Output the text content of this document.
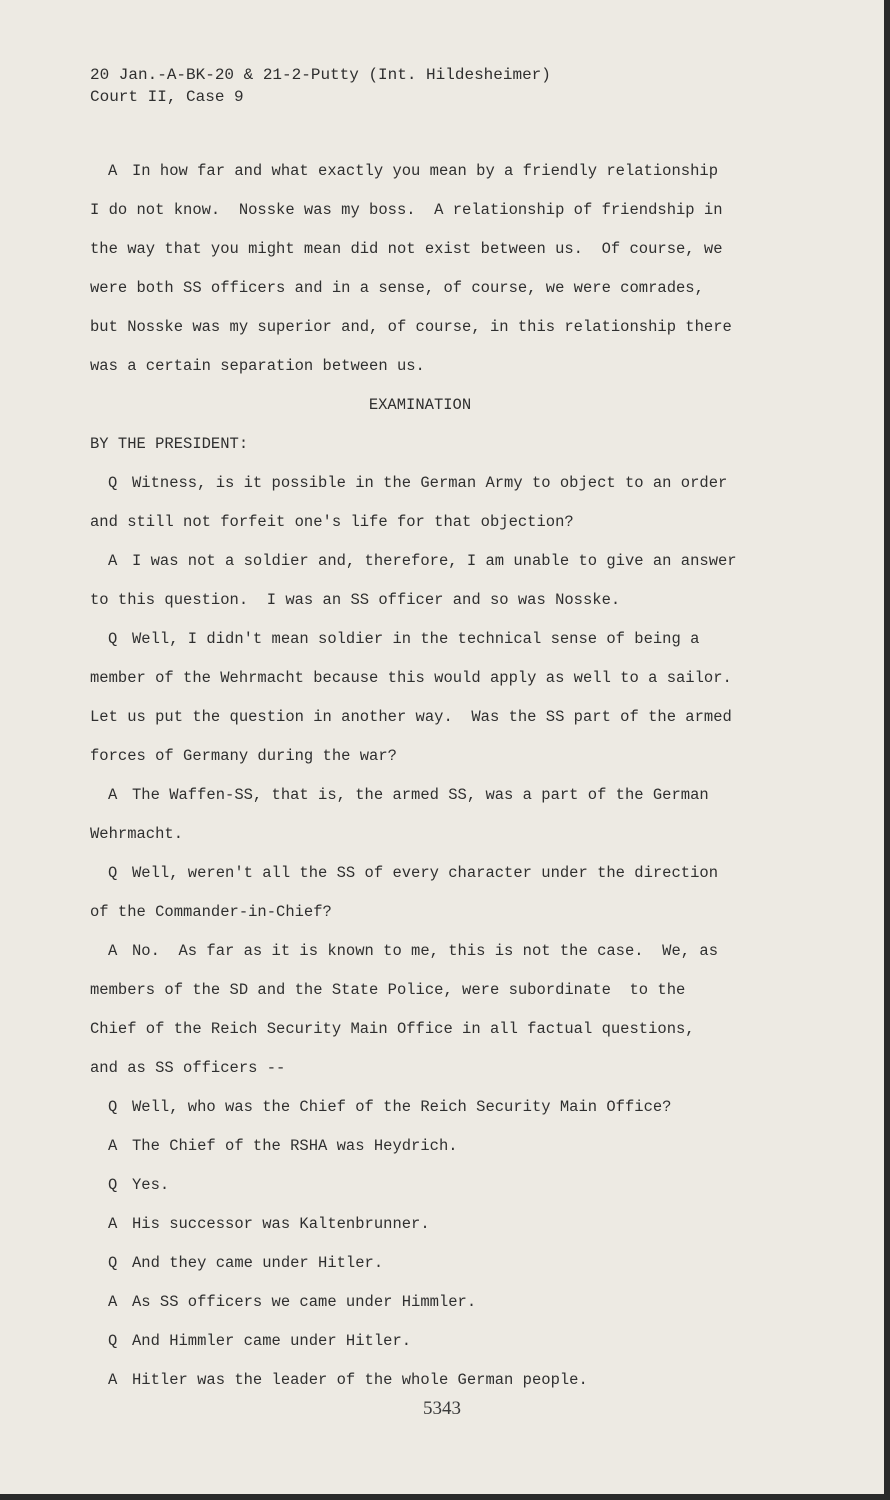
20 Jan.-A-BK-20 & 21-2-Putty (Int. Hildesheimer)
Court II, Case 9
A In how far and what exactly you mean by a friendly relationship
I do not know.  Nosske was my boss.  A relationship of friendship in
the way that you might mean did not exist between us.  Of course, we
were both SS officers and in a sense, of course, we were comrades,
but Nosske was my superior and, of course, in this relationship there
was a certain separation between us.
EXAMINATION
BY THE PRESIDENT:
Q Witness, is it possible in the German Army to object to an order
and still not forfeit one's life for that objection?
A I was not a soldier and, therefore, I am unable to give an answer
to this question.  I was an SS officer and so was Nosske.
Q Well, I didn't mean soldier in the technical sense of being a
member of the Wehrmacht because this would apply as well to a sailor.
Let us put the question in another way.  Was the SS part of the armed
forces of Germany during the war?
A The Waffen-SS, that is, the armed SS, was a part of the German
Wehrmacht.
Q Well, weren't all the SS of every character under the direction
of the Commander-in-Chief?
A No.  As far as it is known to me, this is not the case.  We, as
members of the SD and the State Police, were subordinate  to the
Chief of the Reich Security Main Office in all factual questions,
and as SS officers --
Q Well, who was the Chief of the Reich Security Main Office?
A The Chief of the RSHA was Heydrich.
Q Yes.
A His successor was Kaltenbrunner.
Q And they came under Hitler.
A As SS officers we came under Himmler.
Q And Himmler came under Hitler.
A Hitler was the leader of the whole German people.
5343
